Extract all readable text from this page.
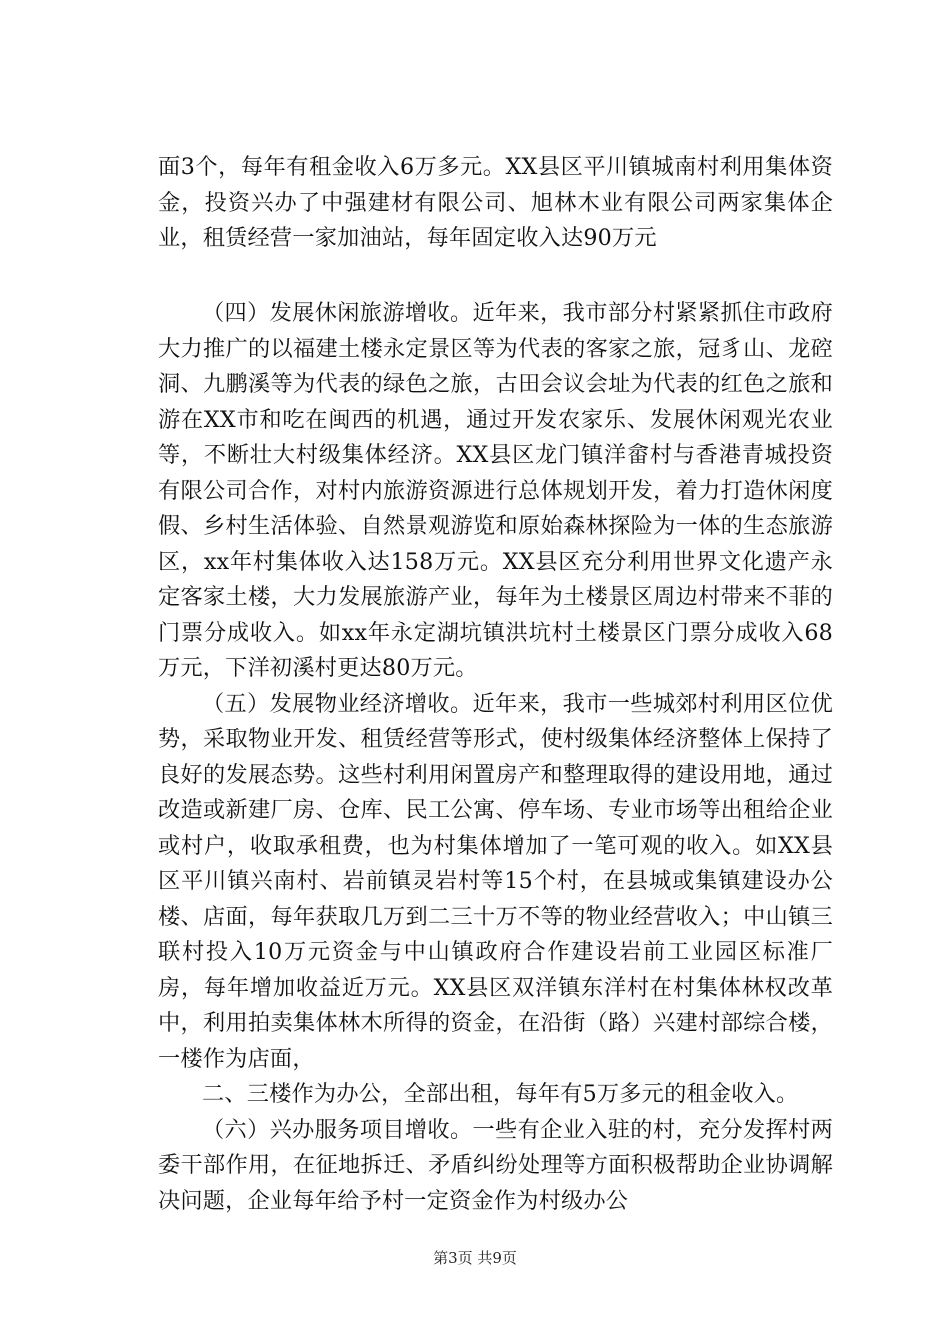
面3个，每年有租金收入6万多元。XX县区平川镇城南村利用集体资金，投资兴办了中强建材有限公司、旭林木业有限公司两家集体企业，租赁经营一家加油站，每年固定收入达90万元

（四）发展休闲旅游增收。近年来，我市部分村紧紧抓住市政府大力推广的以福建土楼永定景区等为代表的客家之旅，冠豸山、龙硿洞、九鹏溪等为代表的绿色之旅，古田会议会址为代表的红色之旅和游在XX市和吃在闽西的机遇，通过开发农家乐、发展休闲观光农业等，不断壮大村级集体经济。XX县区龙门镇洋畲村与香港青城投资有限公司合作，对村内旅游资源进行总体规划开发，着力打造休闲度假、乡村生活体验、自然景观游览和原始森林探险为一体的生态旅游区，xx年村集体收入达158万元。XX县区充分利用世界文化遗产永定客家土楼，大力发展旅游产业，每年为土楼景区周边村带来不菲的门票分成收入。如xx年永定湖坑镇洪坑村土楼景区门票分成收入68万元，下洋初溪村更达80万元。

（五）发展物业经济增收。近年来，我市一些城郊村利用区位优势，采取物业开发、租赁经营等形式，使村级集体经济整体上保持了良好的发展态势。这些村利用闲置房产和整理取得的建设用地，通过改造或新建厂房、仓库、民工公寓、停车场、专业市场等出租给企业或村户，收取承租费，也为村集体增加了一笔可观的收入。如XX县区平川镇兴南村、岩前镇灵岩村等15个村，在县城或集镇建设办公楼、店面，每年获取几万到二三十万不等的物业经营收入；中山镇三联村投入10万元资金与中山镇政府合作建设岩前工业园区标准厂房，每年增加收益近万元。XX县区双洋镇东洋村在村集体林权改革中，利用拍卖集体林木所得的资金，在沿街（路）兴建村部综合楼，一楼作为店面，

二、三楼作为办公，全部出租，每年有5万多元的租金收入。

（六）兴办服务项目增收。一些有企业入驻的村，充分发挥村两委干部作用，在征地拆迁、矛盾纠纷处理等方面积极帮助企业协调解决问题，企业每年给予村一定资金作为村级办公

第3页 共9页
